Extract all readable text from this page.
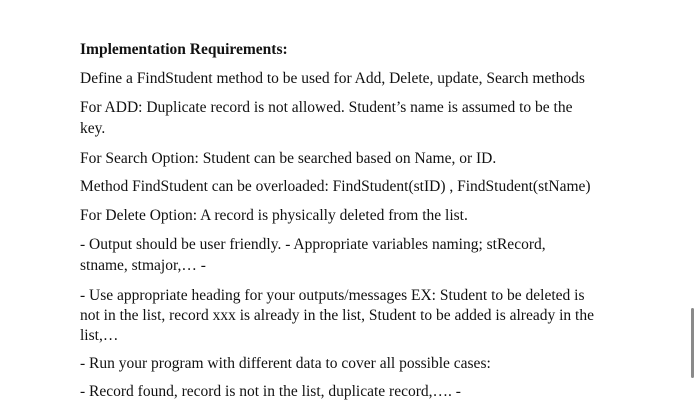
Implementation Requirements:
Define a FindStudent method to be used for Add, Delete, update, Search methods
For ADD: Duplicate record is not allowed. Student’s name is assumed to be the
key.
For Search Option: Student can be searched based on Name, or ID.
Method FindStudent can be overloaded: FindStudent(stID) , FindStudent(stName)
For Delete Option: A record is physically deleted from the list.
- Output should be user friendly. - Appropriate variables naming; stRecord,
stname, stmajor,… -
- Use appropriate heading for your outputs/messages EX: Student to be deleted is
not in the list, record xxx is already in the list, Student to be added is already in the
list,…
- Run your program with different data to cover all possible cases:
- Record found, record is not in the list, duplicate record,…. -
